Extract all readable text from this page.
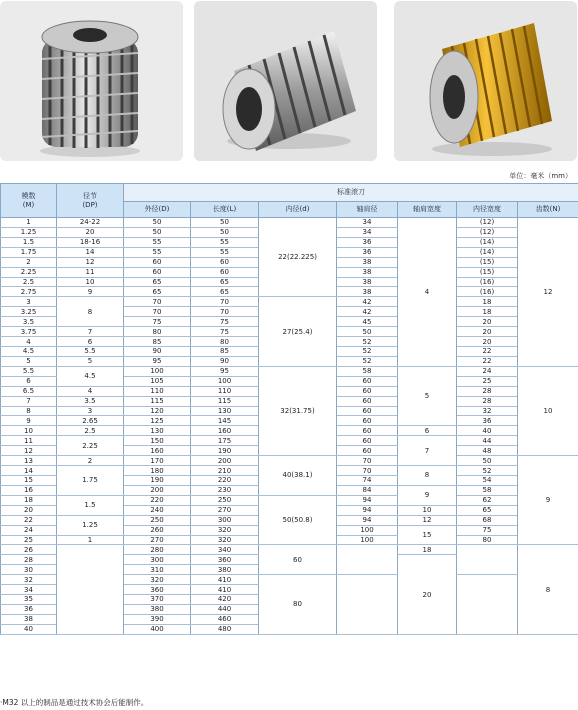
单位：毫米（mm）
模数
(M)	径节
(DP)	标准滚刀						
		外径(D)	长度(L)	内径(d)	轴肩径	轴肩宽度	内径宽度	齿数(N)
1	24-22	50	50	22(22.225)	34	4	(12)	12
1.25	20	50	50		34		(12)	
1.5	18-16	55	55		36		(14)	
1.75	14	55	55		36		(14)	
2	12	60	60		38		(15)	
2.25	11	60	60		38		(15)	
2.5	10	65	65		38		(16)	
2.75	9	65	65		38		(16)	
3	8	70	70	27(25.4)	42		18	
3.25		70	70		42		18	
3.5		75	75		45		20	
3.75	7	80	75		50		20	
4	6	85	80		52		20	
4.5	5.5	90	85		52		22	
5	5	95	90		52		22	
5.5	4.5	100	95	32(31.75)	58	5	24	10
6		105	100		60		25	
6.5	4	110	110		60		28	
7	3.5	115	115		60		28	
8	3	120	130		60		32	
9	2.65	125	145		60		36	
10	2.5	130	160		60	6	40	
11	2.25	150	175		60	7	44	
12		160	190		60		48	
13	2	170	200	40(38.1)	70		50	9
14	1.75	180	210		70	8	52	
15		190	220		74		54	
16		200	230		84	9	58	
18	1.5	220	250	50(50.8)	94		62	
20		240	270		94	10	65	
22	1.25	250	300		94	12	68	
24		260	320		100	15	75	
25	1	270	320		100		80	
26		280	340	60		18		8
28		300	360			20		
30		310	380					
32		320	410	80				
34		360	410					
35		370	420					
36		380	440					
38		390	460					
40		400	480					
·M32 以上的制品是通过技术协会后能制作。
